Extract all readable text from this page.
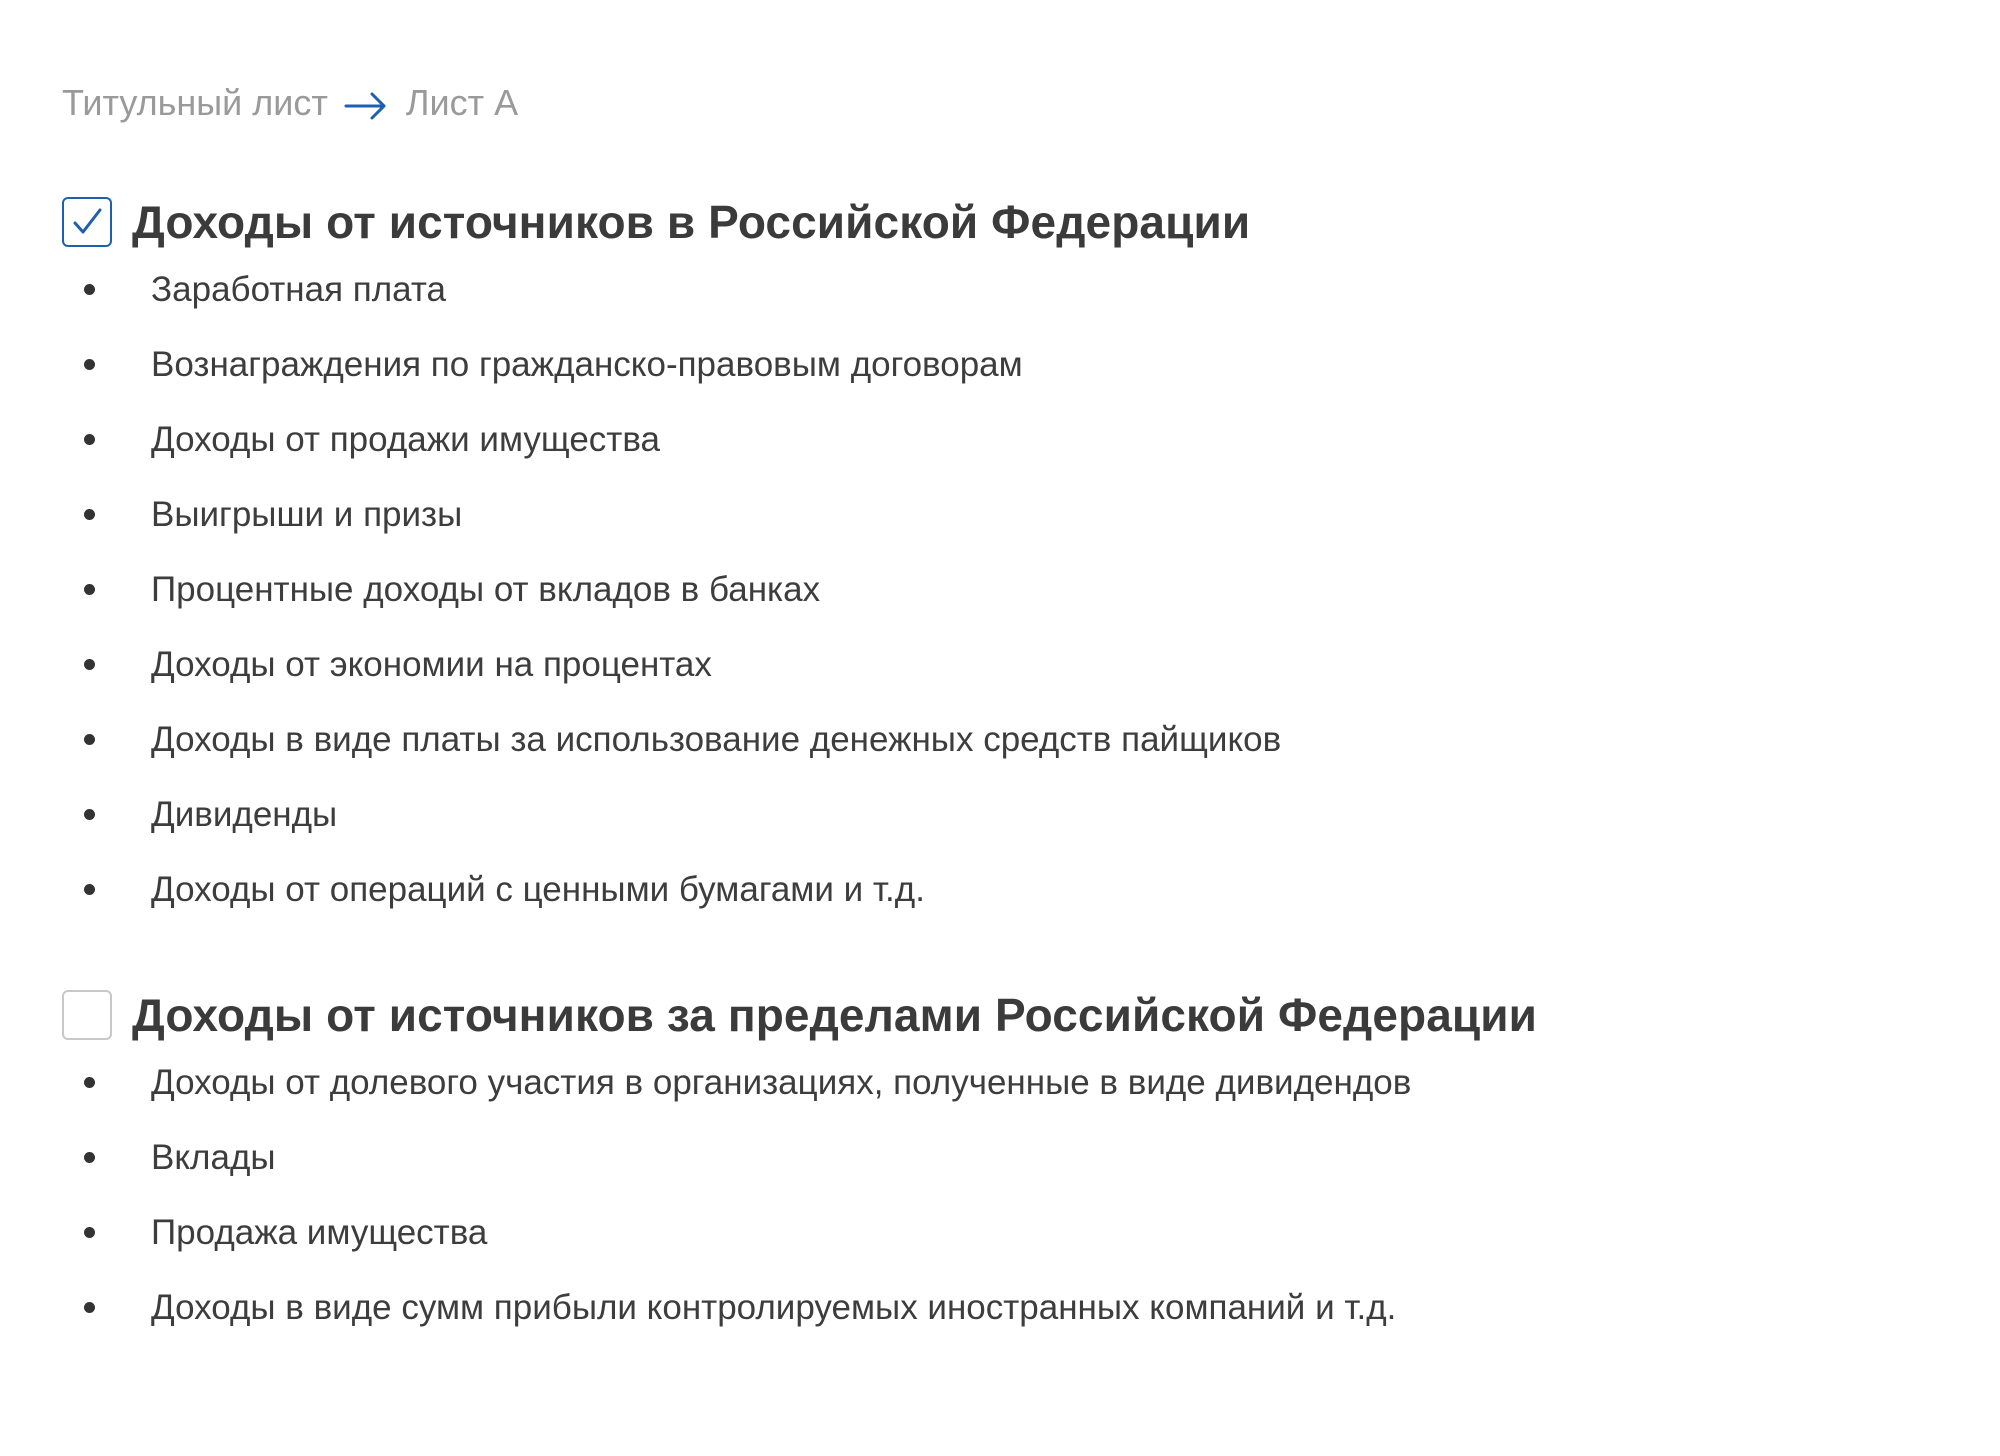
Титульный лист Лист А
Доходы от источников в Российской Федерации
Заработная плата
Вознаграждения по гражданско-правовым договорам
Доходы от продажи имущества
Выигрыши и призы
Процентные доходы от вкладов в банках
Доходы от экономии на процентах
Доходы в виде платы за использование денежных средств пайщиков
Дивиденды
Доходы от операций с ценными бумагами и т.д.
Доходы от источников за пределами Российской Федерации
Доходы от долевого участия в организациях, полученные в виде дивидендов
Вклады
Продажа имущества
Доходы в виде сумм прибыли контролируемых иностранных компаний и т.д.
